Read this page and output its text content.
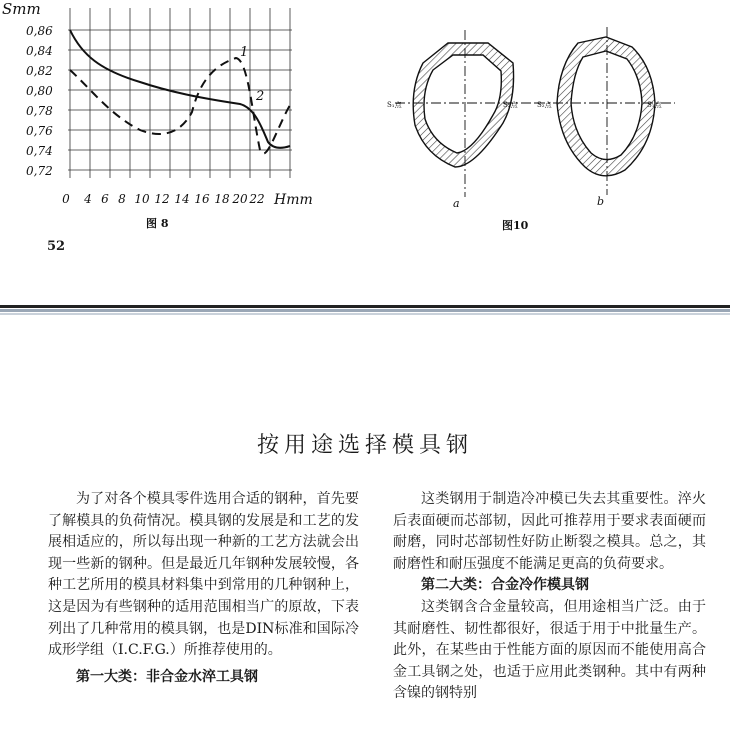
1
2
Smm
0,86
0,84
0,82
0,80
0,78
0,76
0,74
0,72
0 4 6 8 10 12 14 16 18 20 22 Hmm
图 8
S₁点	S₂点
a
S₂点	S₁点
b
图10
52
按用途选择模具钢

为了对各个模具零件选用合适的钢种，首先要了解模具的负荷情况。模具钢的发展是和工艺的发展相适应的，所以每出现一种新的工艺方法就会出现一些新的钢种。但是最近几年钢种发展较慢，各种工艺所用的模具材料集中到常用的几种钢种上，这是因为有些钢种的适用范围相当广的原故，下表列出了几种常用的模具钢，也是DIN标准和国际冷成形学组（I.C.F.G.）所推荐使用的。

第一大类：非合金水淬工具钢

这类钢用于制造冷冲模已失去其重要性。淬火后表面硬而芯部韧，因此可推荐用于要求表面硬而耐磨，同时芯部韧性好防止断裂之模具。总之，其耐磨性和耐压强度不能满足更高的负荷要求。

第二大类：合金冷作模具钢

这类钢含合金量较高，但用途相当广泛。由于其耐磨性、韧性都很好，很适于用于中批量生产。此外，在某些由于性能方面的原因而不能使用高合金工具钢之处，也适于应用此类钢种。其中有两种含镍的钢特别
